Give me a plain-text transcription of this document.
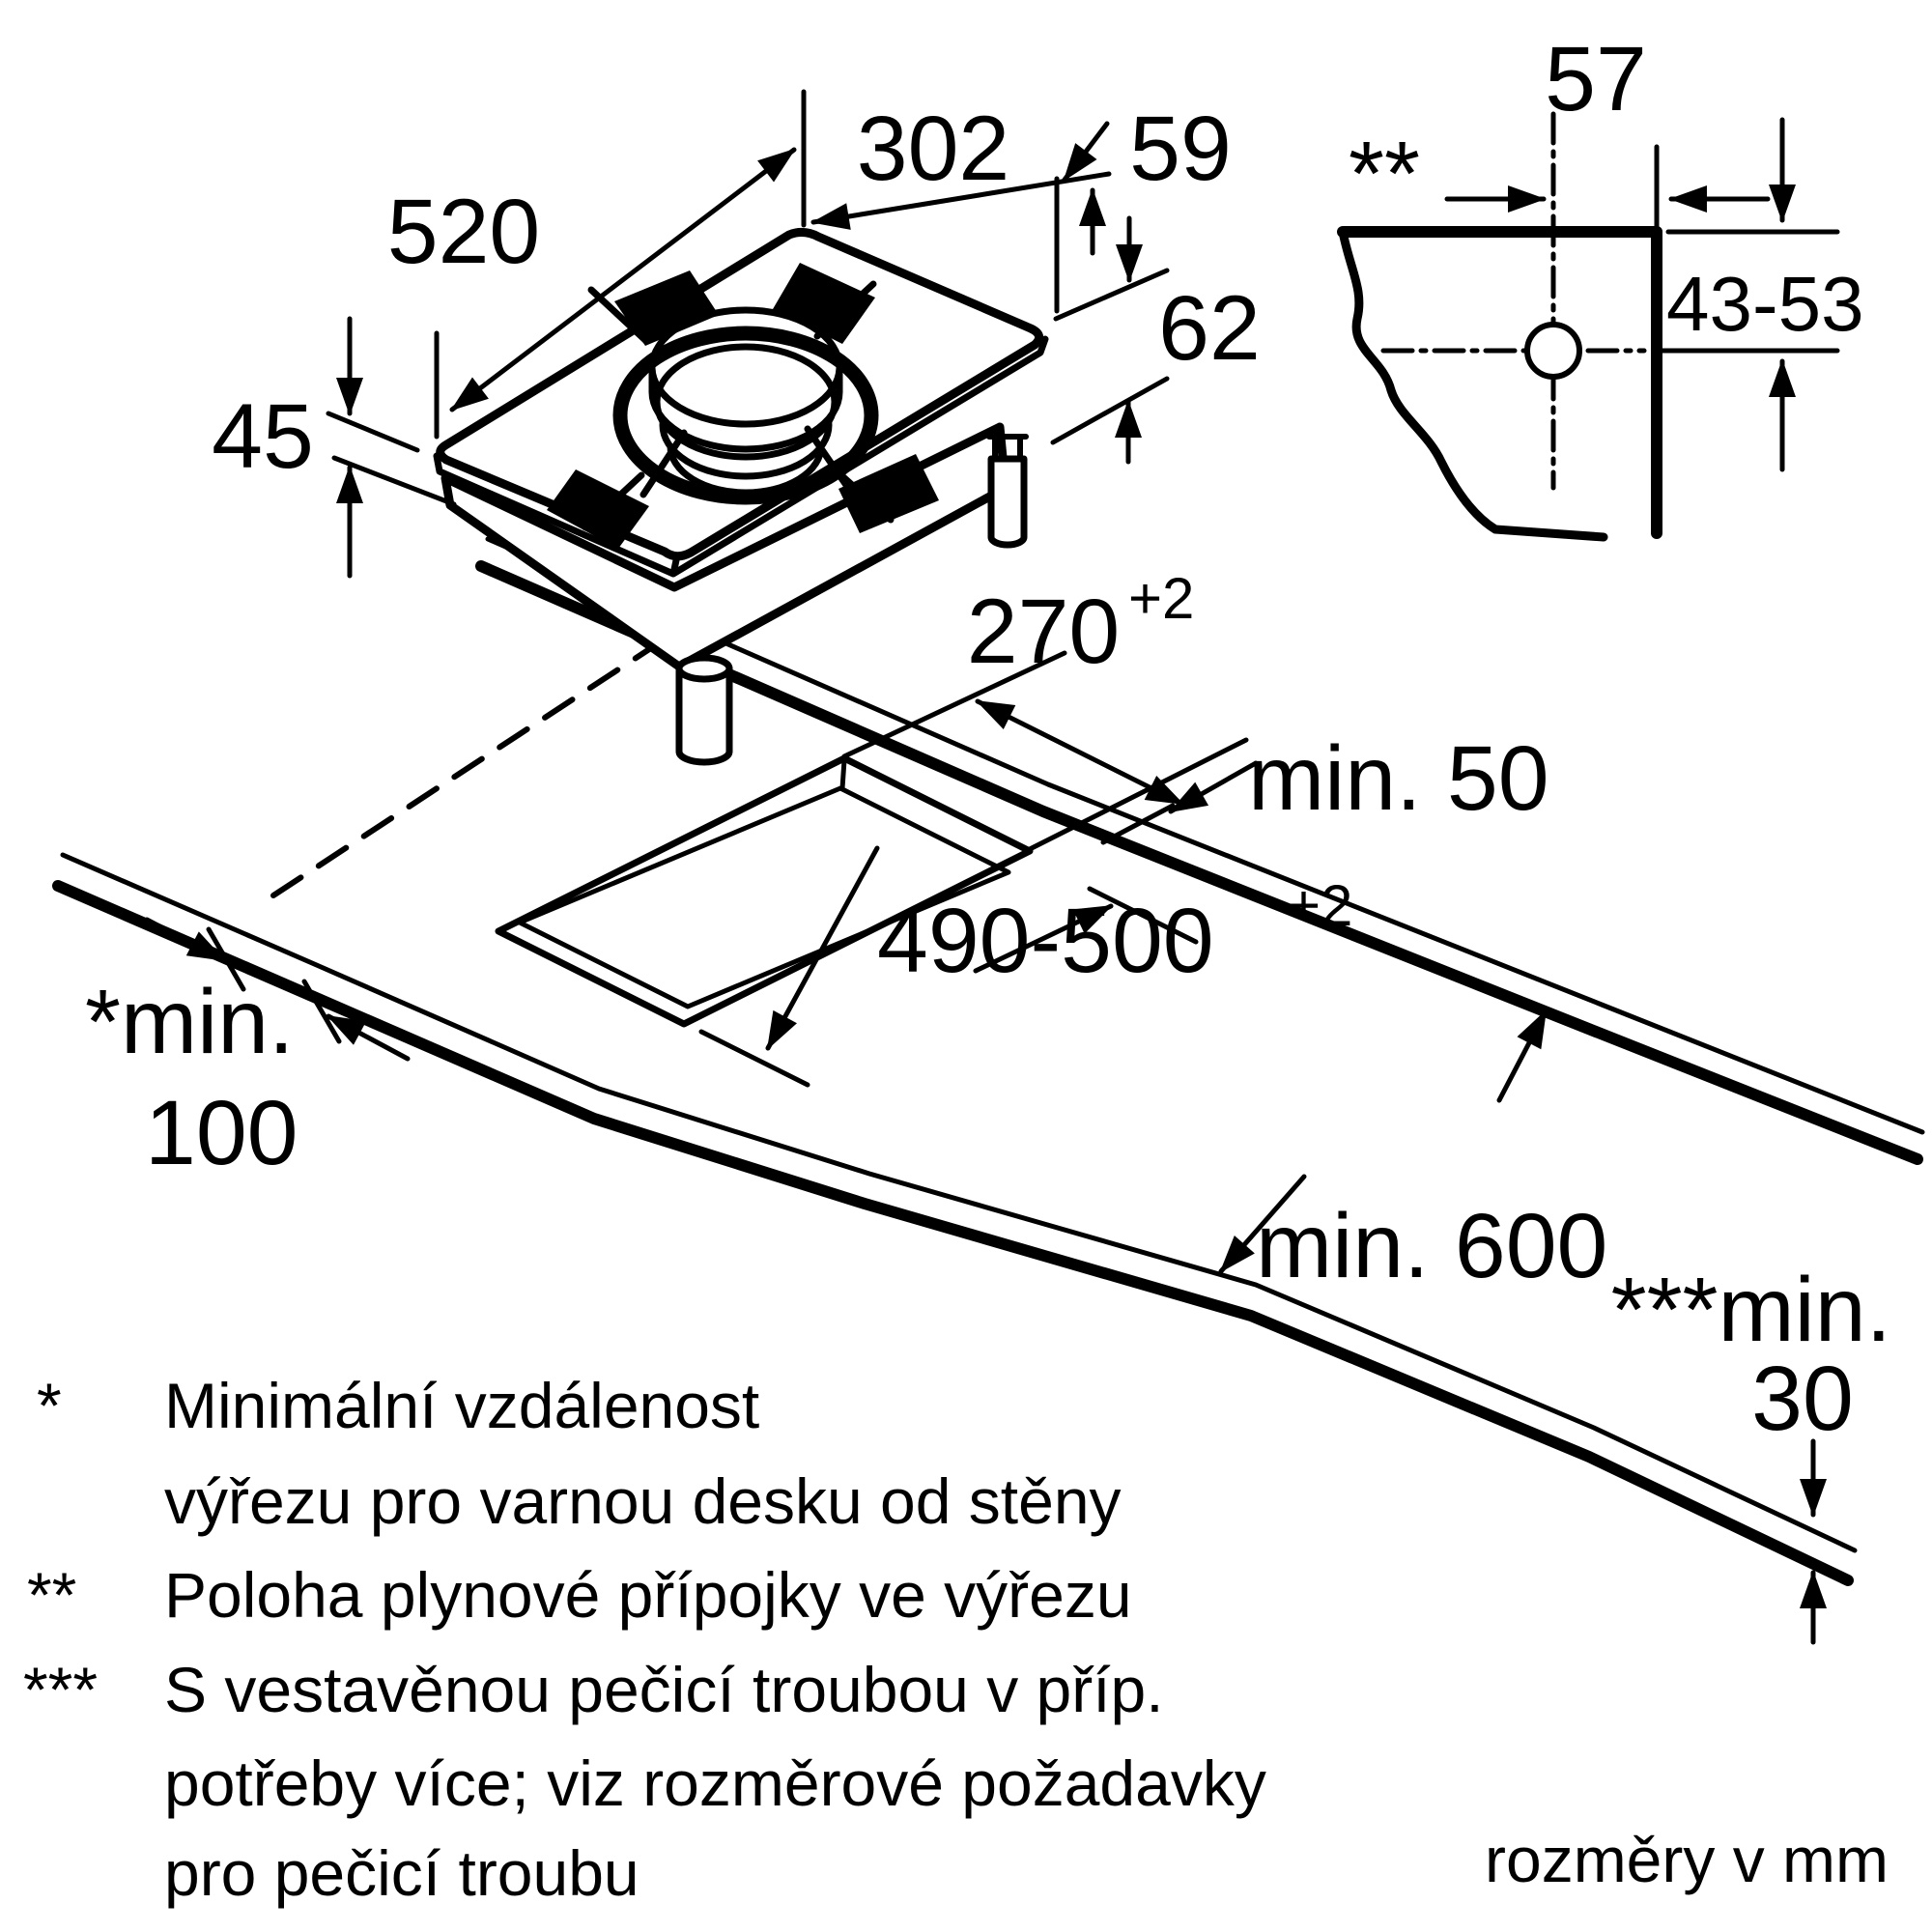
*min.
100
min. 50
270 +2
490-500 +2
min. 600
***min.
30
520
302 59
62
45
57
43-53
**
* Minimální vzdálenost
výřezu pro varnou desku od stěny
** Poloha plynové přípojky ve výřezu
*** S vestavěnou pečicí troubou v příp.
potřeby více; viz rozměrové požadavky
pro pečicí troubu	rozměry v mm
